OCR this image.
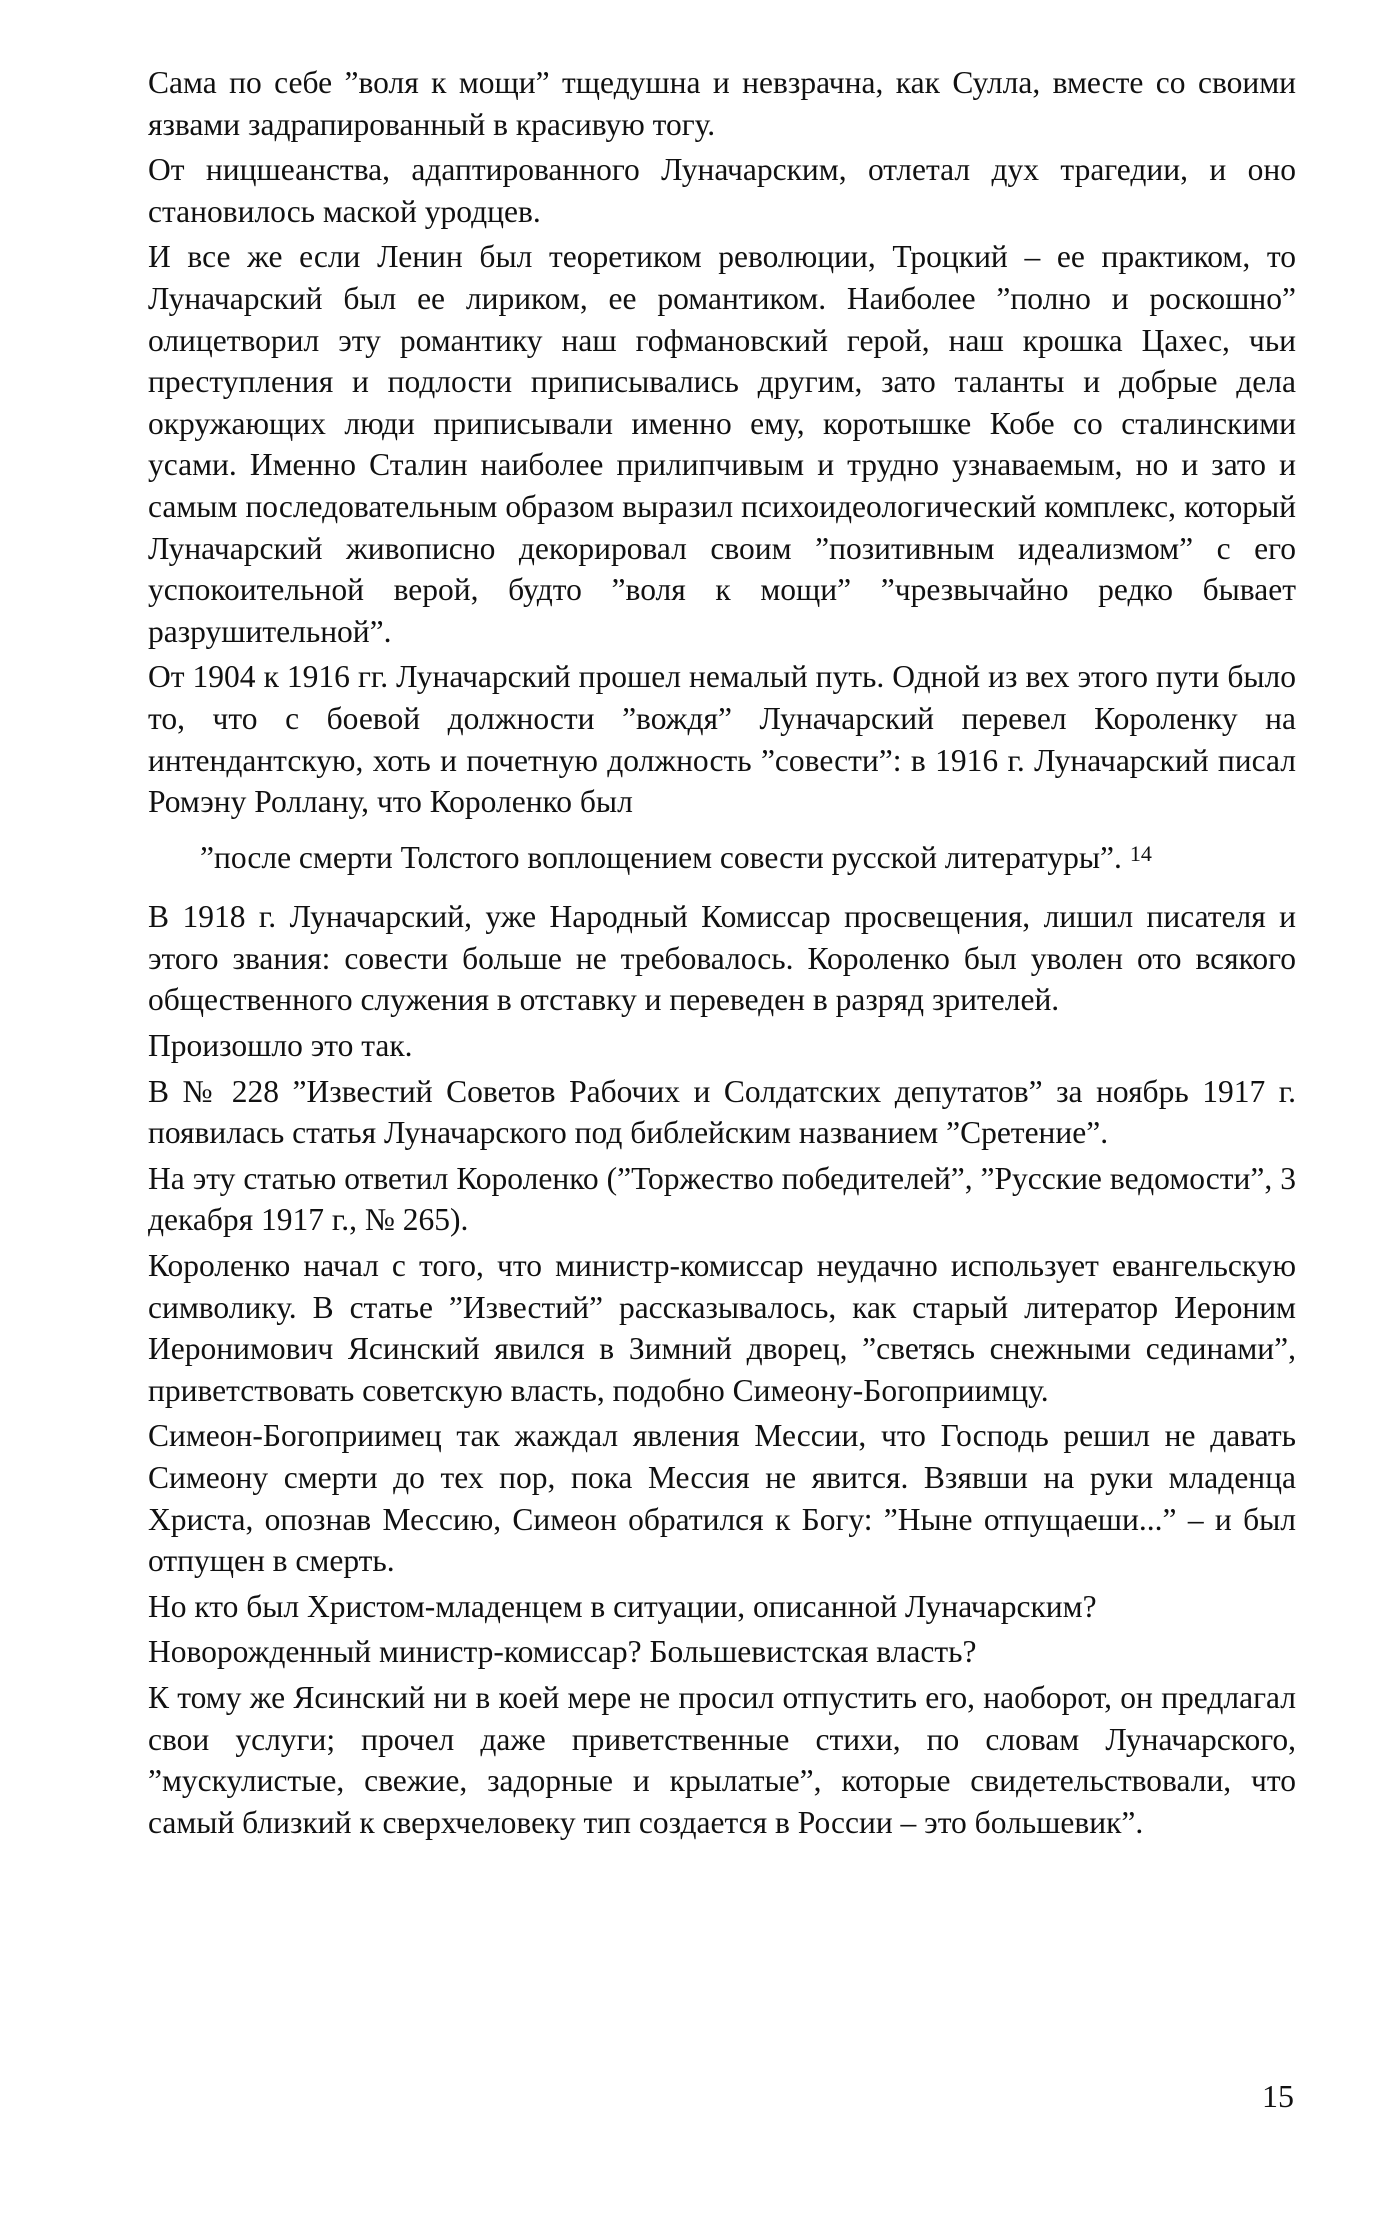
Сама по себе ”воля к мощи” тщедушна и невзрачна, как Сулла, вместе со своими язвами задрапированный в красивую тогу.

От ницшеанства, адаптированного Луначарским, отлетал дух трагедии, и оно становилось маской уродцев.

И все же если Ленин был теоретиком революции, Троцкий – ее практиком, то Луначарский был ее лириком, ее романтиком. Наиболее ”полно и роскошно” олицетворил эту романтику наш гофмановский герой, наш крошка Цахес, чьи преступления и подлости приписывались другим, зато таланты и добрые дела окружающих люди приписывали именно ему, коротышке Кобе со сталинскими усами. Именно Сталин наиболее прилипчивым и трудно узнаваемым, но и зато и самым последовательным образом выразил психоидеологический комплекс, который Луначарский живописно декорировал своим ”позитивным идеализмом” с его успокоительной верой, будто ”воля к мощи” ”чрезвычайно редко бывает разрушительной”.

От 1904 к 1916 гг. Луначарский прошел немалый путь. Одной из вех этого пути было то, что с боевой должности ”вождя” Луначарский перевел Короленку на интендантскую, хоть и почетную должность ”совести”: в 1916 г. Луначарский писал Ромэну Роллану, что Короленко был

”после смерти Толстого воплощением совести русской литературы”. $^{14}$

В 1918 г. Луначарский, уже Народный Комиссар просвещения, лишил писателя и этого звания: совести больше не требовалось. Короленко был уволен ото всякого общественного служения в отставку и переведен в разряд зрителей.

Произошло это так.

В № 228 ”Известий Советов Рабочих и Солдатских депутатов” за ноябрь 1917 г. появилась статья Луначарского под библейским названием ”Сретение”.

На эту статью ответил Короленко (”Торжество победителей”, ”Русские ведомости”, 3 декабря 1917 г., № 265).

Короленко начал с того, что министр-комиссар неудачно использует евангельскую символику. В статье ”Известий” рассказывалось, как старый литератор Иероним Иеронимович Ясинский явился в Зимний дворец, ”светясь снежными сединами”, приветствовать советскую власть, подобно Симеону-Богоприимцу.

Симеон-Богоприимец так жаждал явления Мессии, что Господь решил не давать Симеону смерти до тех пор, пока Мессия не явится. Взявши на руки младенца Христа, опознав Мессию, Симеон обратился к Богу: ”Ныне отпущаеши...” – и был отпущен в смерть.

Но кто был Христом-младенцем в ситуации, описанной Луначарским?

Новорожденный министр-комиссар? Большевистская власть?

К тому же Ясинский ни в коей мере не просил отпустить его, наоборот, он предлагал свои услуги; прочел даже приветственные стихи, по словам Луначарского, ”мускулистые, свежие, задорные и крылатые”, которые свидетельствовали, что самый близкий к сверхчеловеку тип создается в России – это большевик”.

15
